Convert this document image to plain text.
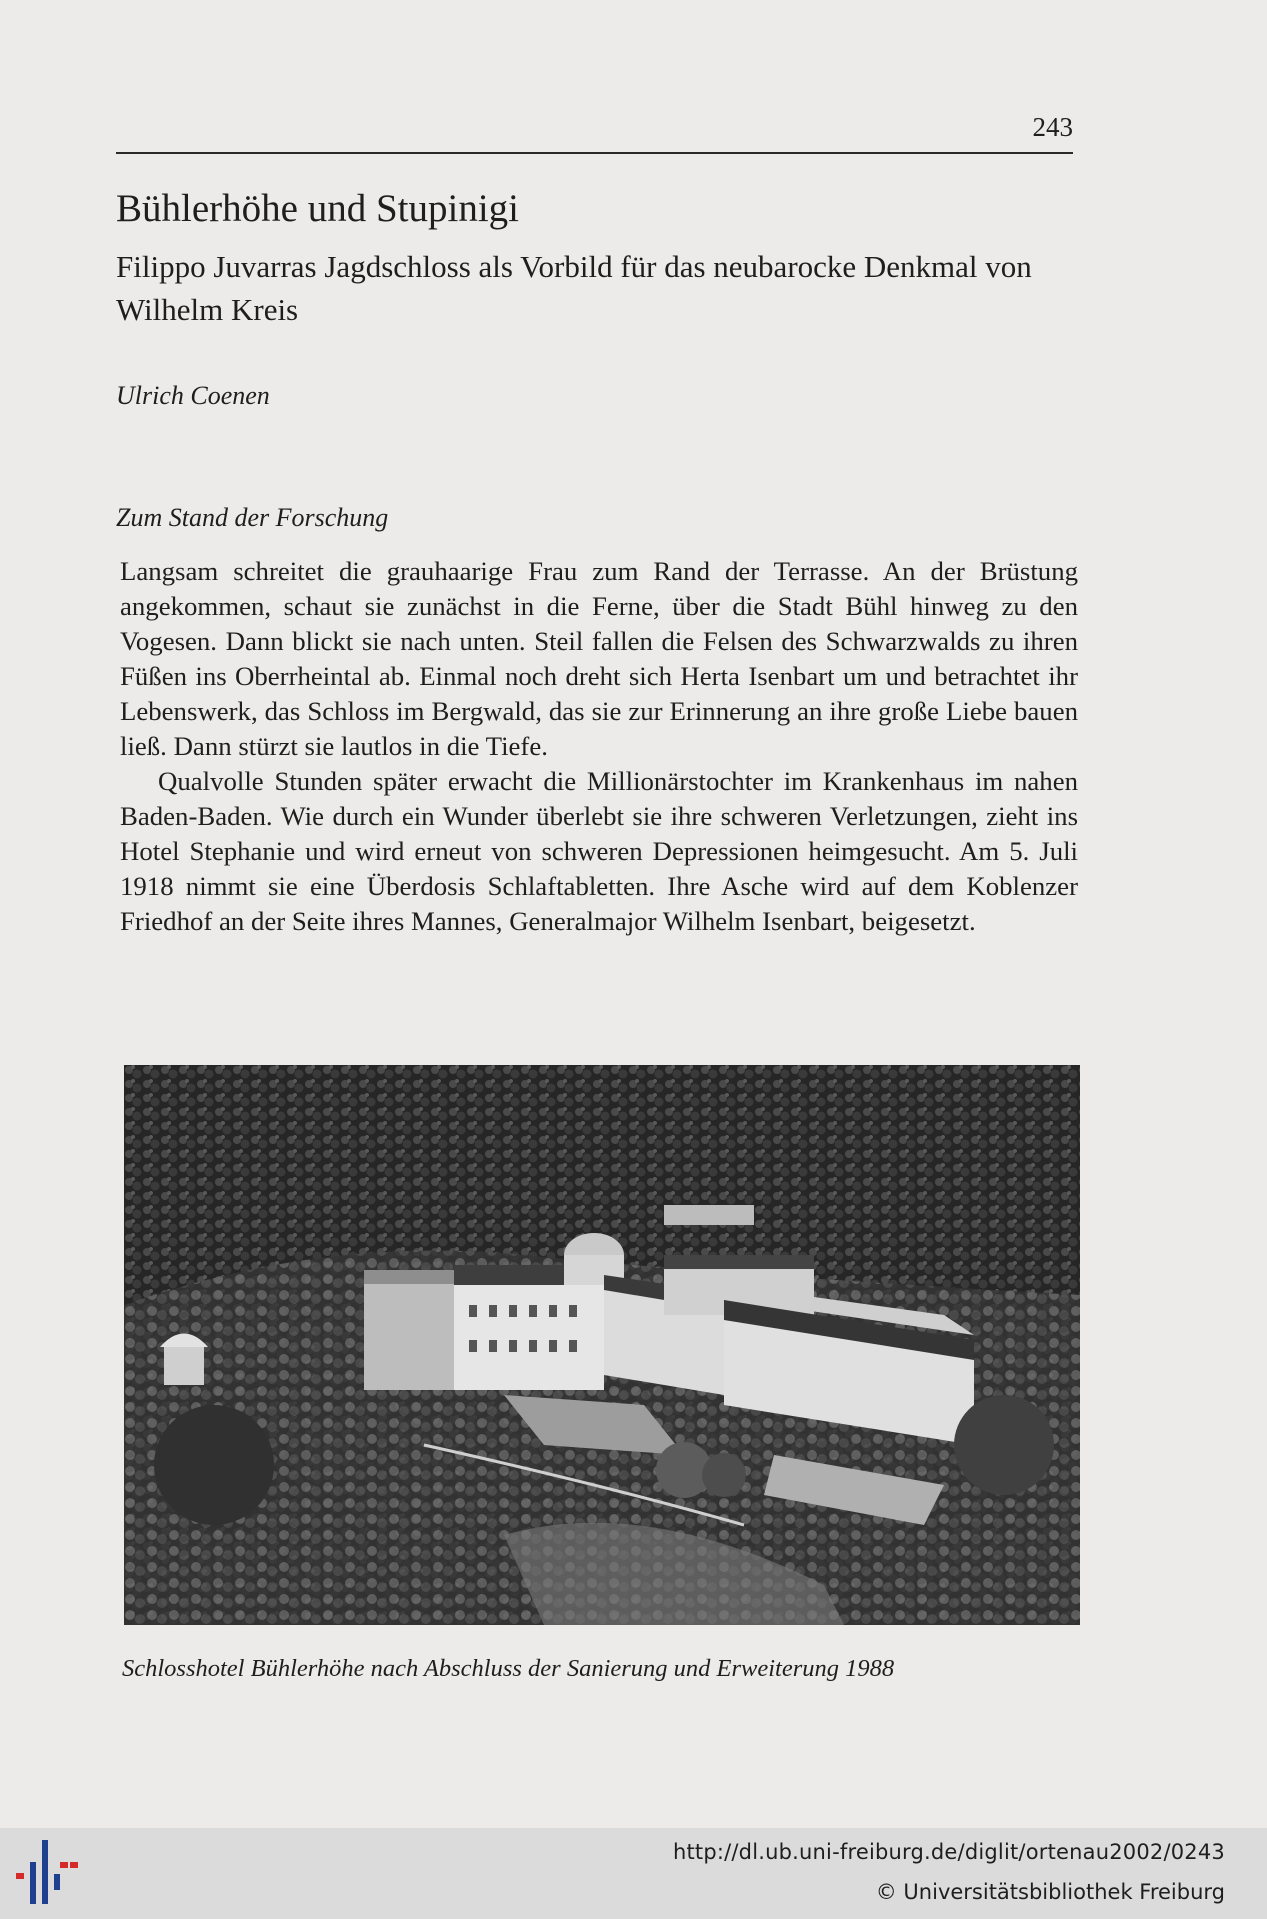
243
Bühlerhöhe und Stupinigi
Filippo Juvarras Jagdschloss als Vorbild für das neubarocke Denkmal von Wilhelm Kreis
Ulrich Coenen
Zum Stand der Forschung

Langsam schreitet die grauhaarige Frau zum Rand der Terrasse. An der Brüstung angekommen, schaut sie zunächst in die Ferne, über die Stadt Bühl hinweg zu den Vogesen. Dann blickt sie nach unten. Steil fallen die Felsen des Schwarzwalds zu ihren Füßen ins Oberrheintal ab. Einmal noch dreht sich Herta Isenbart um und betrachtet ihr Lebenswerk, das Schloss im Bergwald, das sie zur Erinnerung an ihre große Liebe bauen ließ. Dann stürzt sie lautlos in die Tiefe.

Qualvolle Stunden später erwacht die Millionärstochter im Krankenhaus im nahen Baden-Baden. Wie durch ein Wunder überlebt sie ihre schweren Verletzungen, zieht ins Hotel Stephanie und wird erneut von schweren Depressionen heimgesucht. Am 5. Juli 1918 nimmt sie eine Überdosis Schlaftabletten. Ihre Asche wird auf dem Koblenzer Friedhof an der Seite ihres Mannes, Generalmajor Wilhelm Isenbart, beigesetzt.

Schlosshotel Bühlerhöhe nach Abschluss der Sanierung und Erweiterung 1988
http://dl.ub.uni-freiburg.de/diglit/ortenau2002/0243
© Universitätsbibliothek Freiburg
